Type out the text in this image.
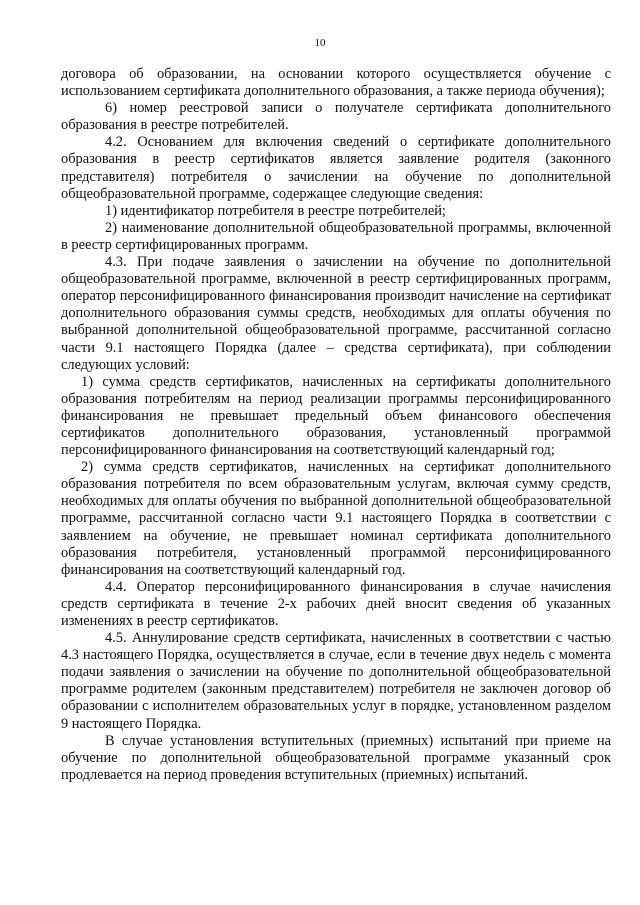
10

договора об образовании, на основании которого осуществляется обучение с использованием сертификата дополнительного образования, а также периода обучения);

6) номер реестровой записи о получателе сертификата дополнительного образования в реестре потребителей.

4.2. Основанием для включения сведений о сертификате дополнительного образования в реестр сертификатов является заявление родителя (законного представителя) потребителя о зачислении на обучение по дополнительной общеобразовательной программе, содержащее следующие сведения:

1) идентификатор потребителя в реестре потребителей;

2) наименование дополнительной общеобразовательной программы, включенной в реестр сертифицированных программ.

4.3. При подаче заявления о зачислении на обучение по дополнительной общеобразовательной программе, включенной в реестр сертифицированных программ, оператор персонифицированного финансирования производит начисление на сертификат дополнительного образования суммы средств, необходимых для оплаты обучения по выбранной дополнительной общеобразовательной программе, рассчитанной согласно части 9.1 настоящего Порядка (далее – средства сертификата), при соблюдении следующих условий:

1) сумма средств сертификатов, начисленных на сертификаты дополнительного образования потребителям на период реализации программы персонифицированного финансирования не превышает предельный объем финансового обеспечения сертификатов дополнительного образования, установленный программой персонифицированного финансирования на соответствующий календарный год;

2) сумма средств сертификатов, начисленных на сертификат дополнительного образования потребителя по всем образовательным услугам, включая сумму средств, необходимых для оплаты обучения по выбранной дополнительной общеобразовательной программе, рассчитанной согласно части 9.1 настоящего Порядка в соответствии с заявлением на обучение, не превышает номинал сертификата дополнительного образования потребителя, установленный программой персонифицированного финансирования на соответствующий календарный год.

4.4. Оператор персонифицированного финансирования в случае начисления средств сертификата в течение 2-х рабочих дней вносит сведения об указанных изменениях в реестр сертификатов.

4.5. Аннулирование средств сертификата, начисленных в соответствии с частью 4.3 настоящего Порядка, осуществляется в случае, если в течение двух недель с момента подачи заявления о зачислении на обучение по дополнительной общеобразовательной программе родителем (законным представителем) потребителя не заключен договор об образовании с исполнителем образовательных услуг в порядке, установленном разделом 9 настоящего Порядка.

В случае установления вступительных (приемных) испытаний при приеме на обучение по дополнительной общеобразовательной программе указанный срок продлевается на период проведения вступительных (приемных) испытаний.
